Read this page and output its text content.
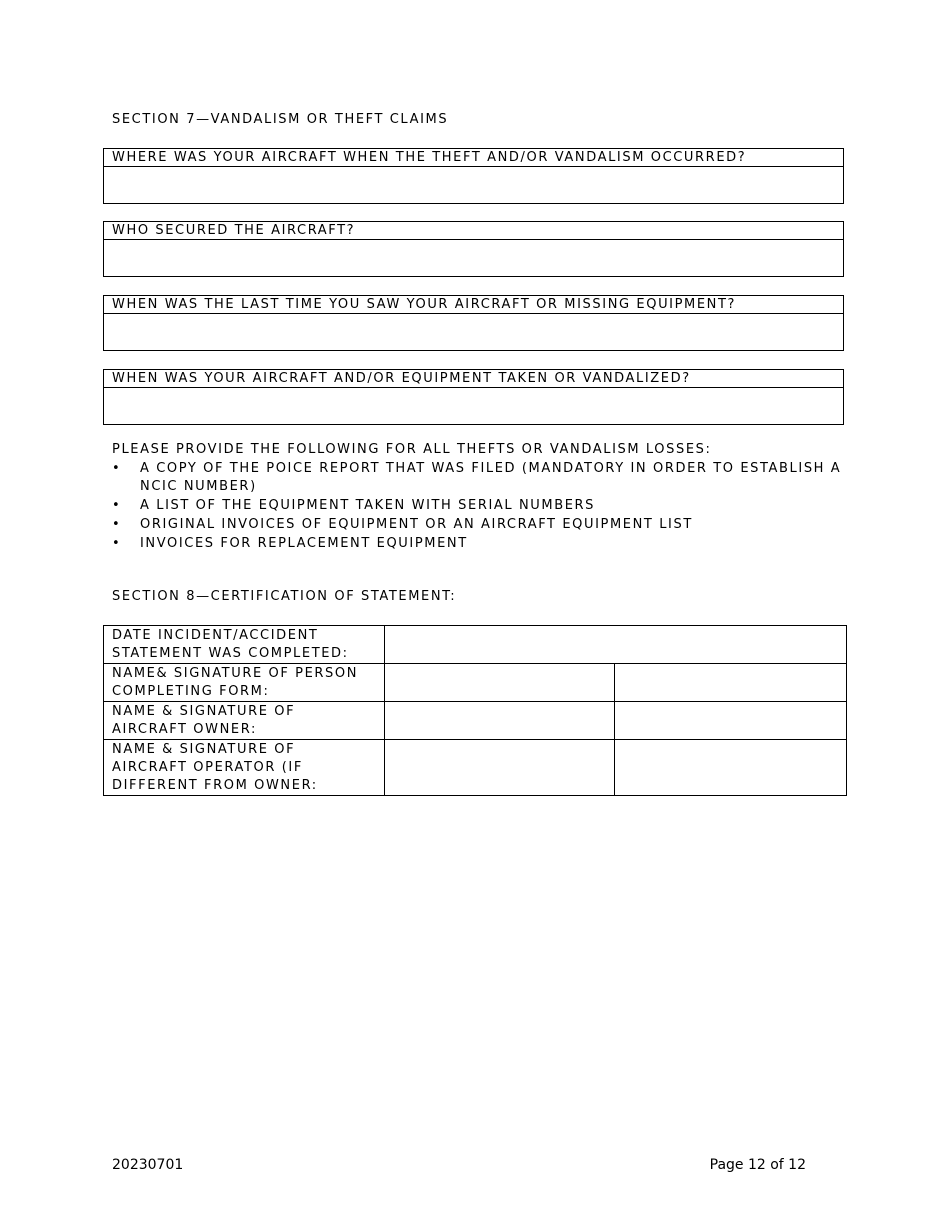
SECTION 7—VANDALISM OR THEFT CLAIMS
WHERE WAS YOUR AIRCRAFT WHEN THE THEFT AND/OR VANDALISM OCCURRED?
WHO SECURED THE AIRCRAFT?
WHEN WAS THE LAST TIME YOU SAW YOUR AIRCRAFT OR MISSING EQUIPMENT?
WHEN WAS YOUR AIRCRAFT AND/OR EQUIPMENT TAKEN OR VANDALIZED?

PLEASE PROVIDE THE FOLLOWING FOR ALL THEFTS OR VANDALISM LOSSES:

• A COPY OF THE POICE REPORT THAT WAS FILED (MANDATORY IN ORDER TO ESTABLISH A NCIC NUMBER)
• A LIST OF THE EQUIPMENT TAKEN WITH SERIAL NUMBERS
• ORIGINAL INVOICES OF EQUIPMENT OR AN AIRCRAFT EQUIPMENT LIST
• INVOICES FOR REPLACEMENT EQUIPMENT
SECTION 8—CERTIFICATION OF STATEMENT:
DATE INCIDENT/ACCIDENT STATEMENT WAS COMPLETED:		
NAME& SIGNATURE OF PERSON COMPLETING FORM:		
NAME & SIGNATURE OF AIRCRAFT OWNER:		
NAME & SIGNATURE OF AIRCRAFT OPERATOR (IF DIFFERENT FROM OWNER:		
20230701	Page 12 of 12
